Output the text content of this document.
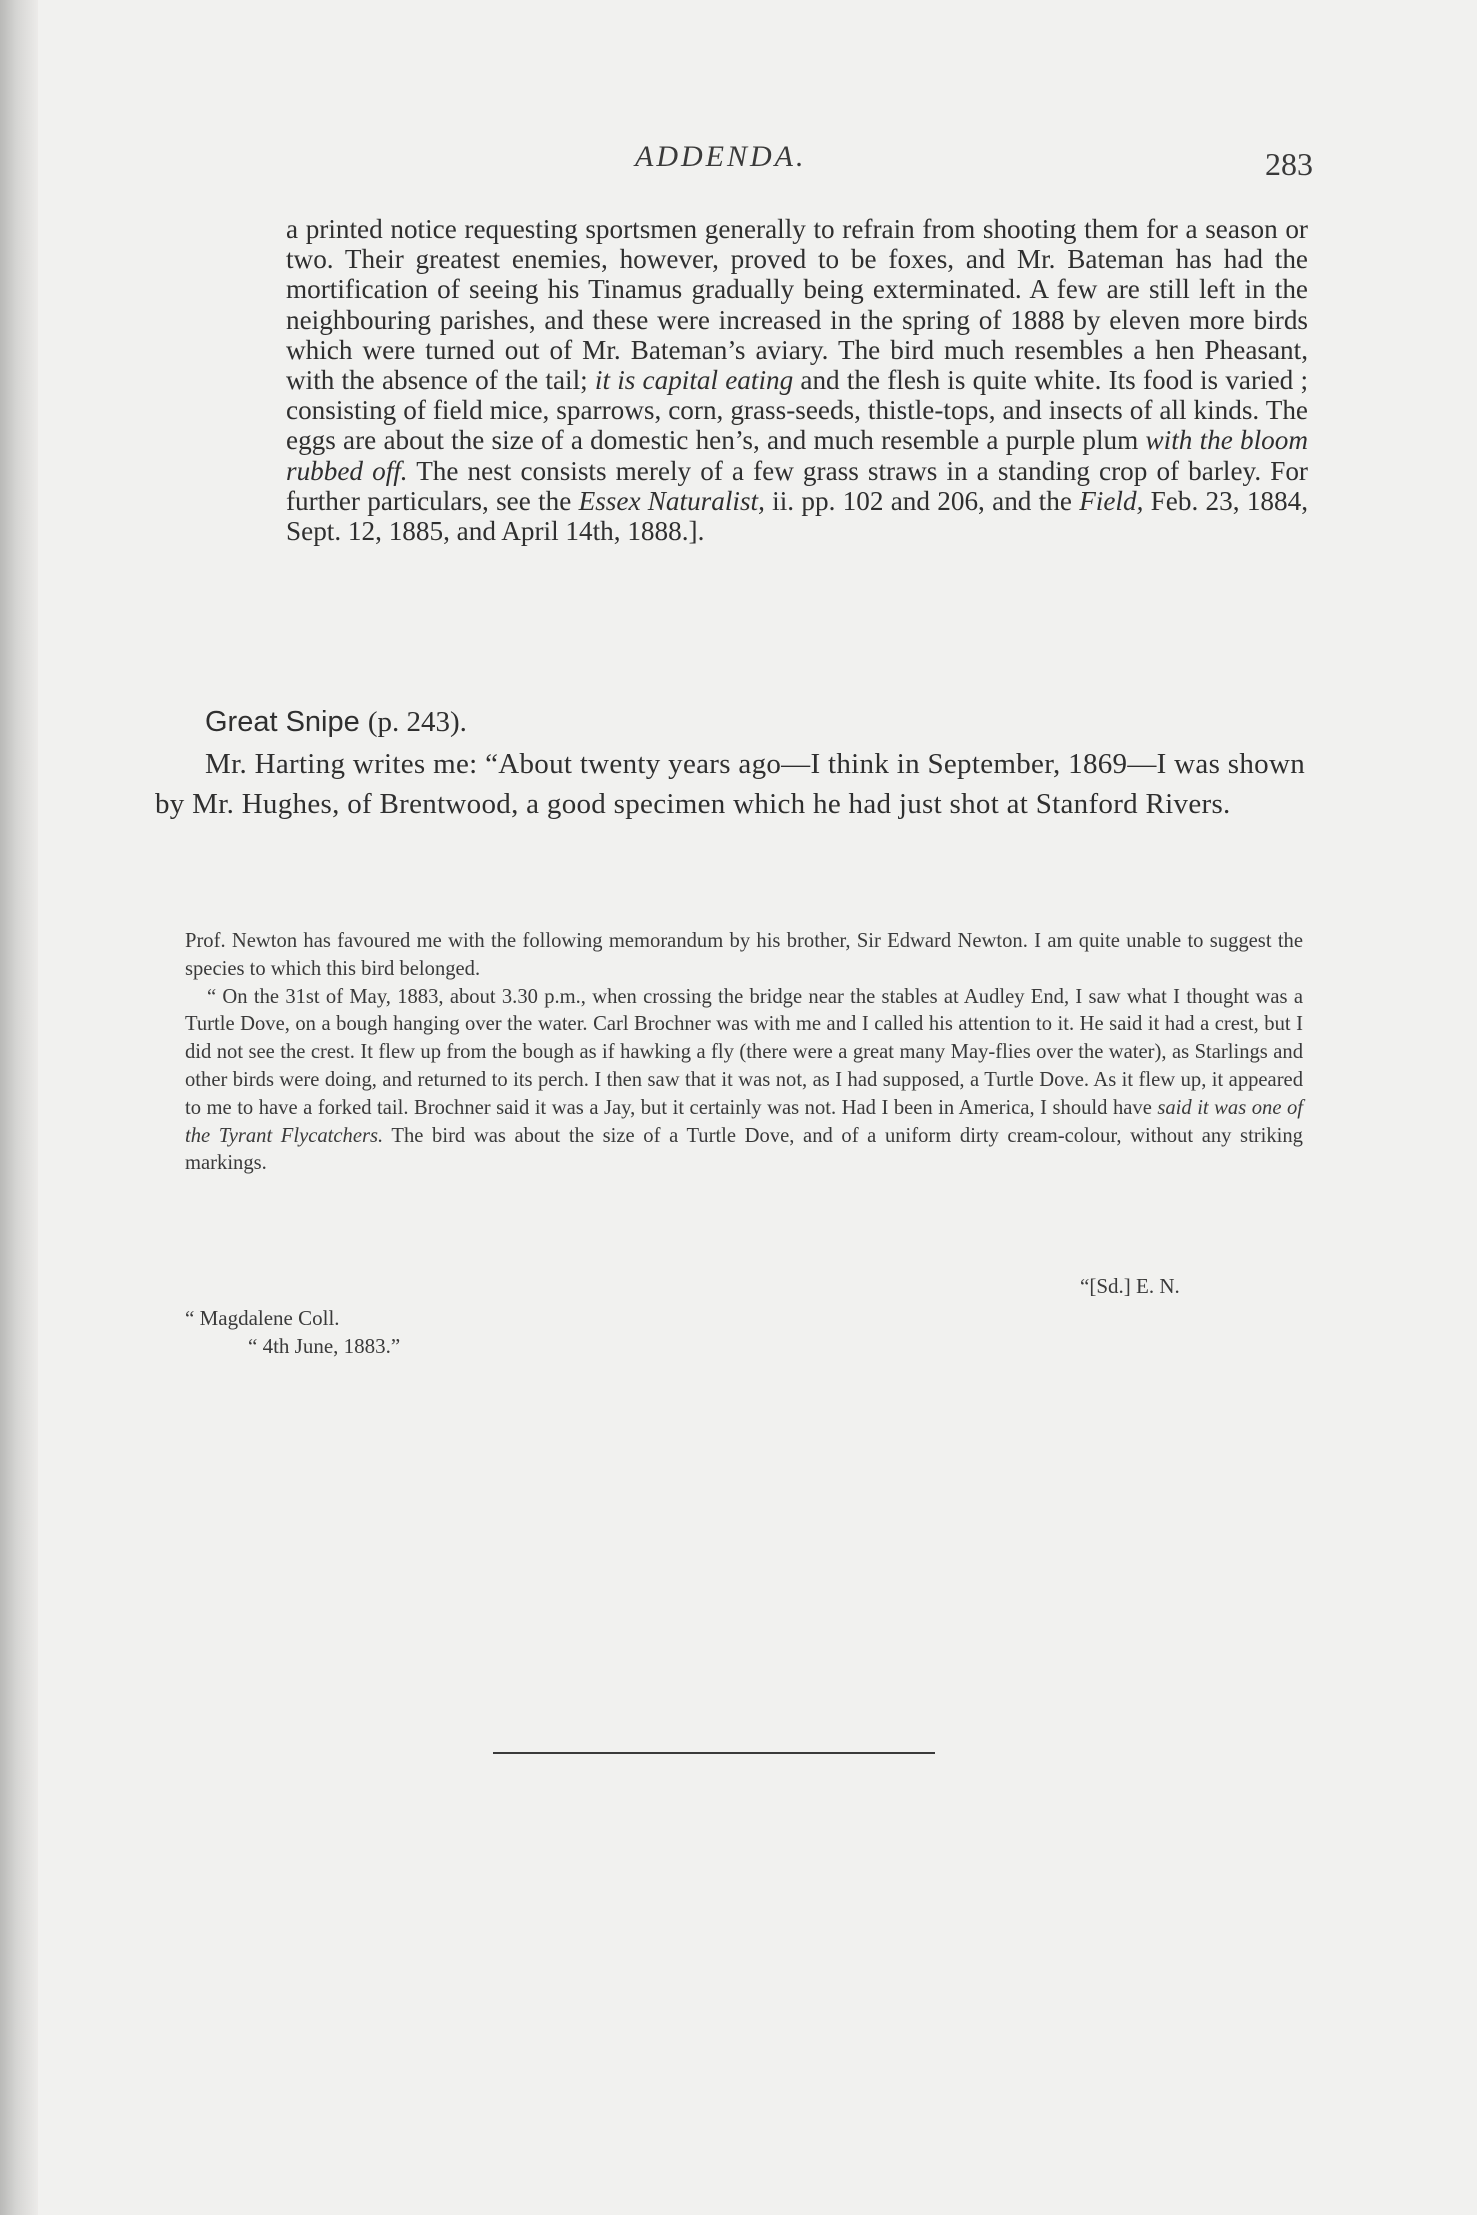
ADDENDA.	283

a printed notice requesting sportsmen generally to refrain from shooting them for a season or two. Their greatest enemies, however, proved to be foxes, and Mr. Bateman has had the mortification of seeing his Tinamus gradually being exterminated. A few are still left in the neighbouring parishes, and these were increased in the spring of 1888 by eleven more birds which were turned out of Mr. Bateman’s aviary. The bird much resembles a hen Pheasant, with the absence of the tail; it is capital eating and the flesh is quite white. Its food is varied ; consisting of field mice, sparrows, corn, grass-seeds, thistle-tops, and insects of all kinds. The eggs are about the size of a domestic hen’s, and much resemble a purple plum with the bloom rubbed off. The nest consists merely of a few grass straws in a standing crop of barley. For further particulars, see the Essex Naturalist, ii. pp. 102 and 206, and the Field, Feb. 23, 1884, Sept. 12, 1885, and April 14th, 1888.].

Great Snipe (p. 243).

Mr. Harting writes me: “About twenty years ago—I think in September, 1869—I was shown by Mr. Hughes, of Brentwood, a good specimen which he had just shot at Stanford Rivers.

Prof. Newton has favoured me with the following memorandum by his brother, Sir Edward Newton. I am quite unable to suggest the species to which this bird belonged.

“ On the 31st of May, 1883, about 3.30 p.m., when crossing the bridge near the stables at Audley End, I saw what I thought was a Turtle Dove, on a bough hanging over the water. Carl Brochner was with me and I called his attention to it. He said it had a crest, but I did not see the crest. It flew up from the bough as if hawking a fly (there were a great many May-flies over the water), as Starlings and other birds were doing, and returned to its perch. I then saw that it was not, as I had supposed, a Turtle Dove. As it flew up, it appeared to me to have a forked tail. Brochner said it was a Jay, but it certainly was not. Had I been in America, I should have said it was one of the Tyrant Flycatchers. The bird was about the size of a Turtle Dove, and of a uniform dirty cream-colour, without any striking markings.

“[Sd.] E. N.
“ Magdalene Coll.
“ 4th June, 1883.”
